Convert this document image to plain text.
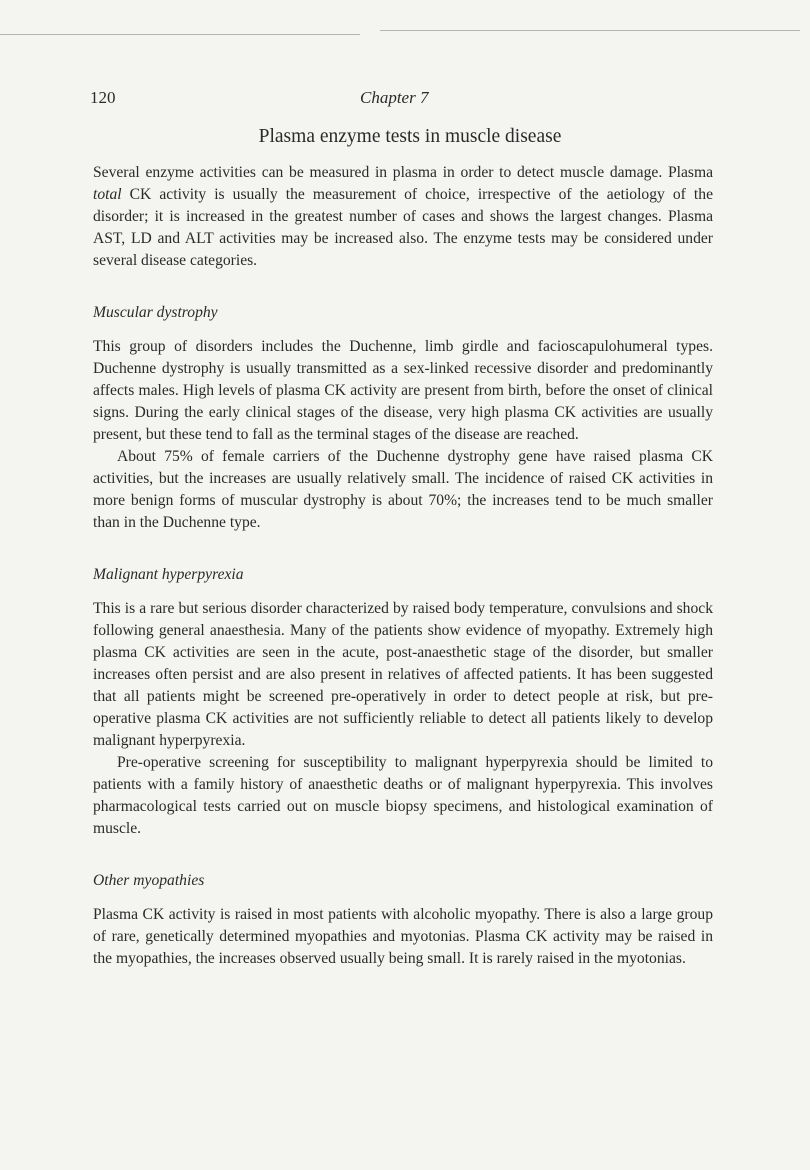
120	Chapter 7
Plasma enzyme tests in muscle disease

Several enzyme activities can be measured in plasma in order to detect muscle damage. Plasma total CK activity is usually the measurement of choice, irrespective of the aetiology of the disorder; it is increased in the greatest number of cases and shows the largest changes. Plasma AST, LD and ALT activities may be increased also. The enzyme tests may be considered under several disease categories.

Muscular dystrophy

This group of disorders includes the Duchenne, limb girdle and facioscapulohumeral types. Duchenne dystrophy is usually transmitted as a sex-linked recessive disorder and predominantly affects males. High levels of plasma CK activity are present from birth, before the onset of clinical signs. During the early clinical stages of the disease, very high plasma CK activities are usually present, but these tend to fall as the terminal stages of the disease are reached.

About 75% of female carriers of the Duchenne dystrophy gene have raised plasma CK activities, but the increases are usually relatively small. The incidence of raised CK activities in more benign forms of muscular dystrophy is about 70%; the increases tend to be much smaller than in the Duchenne type.

Malignant hyperpyrexia

This is a rare but serious disorder characterized by raised body temperature, convulsions and shock following general anaesthesia. Many of the patients show evidence of myopathy. Extremely high plasma CK activities are seen in the acute, post-anaesthetic stage of the disorder, but smaller increases often persist and are also present in relatives of affected patients. It has been suggested that all patients might be screened pre-operatively in order to detect people at risk, but pre-operative plasma CK activities are not sufficiently reliable to detect all patients likely to develop malignant hyperpyrexia.

Pre-operative screening for susceptibility to malignant hyperpyrexia should be limited to patients with a family history of anaesthetic deaths or of malignant hyperpyrexia. This involves pharmacological tests carried out on muscle biopsy specimens, and histological examination of muscle.

Other myopathies

Plasma CK activity is raised in most patients with alcoholic myopathy. There is also a large group of rare, genetically determined myopathies and myotonias. Plasma CK activity may be raised in the myopathies, the increases observed usually being small. It is rarely raised in the myotonias.
